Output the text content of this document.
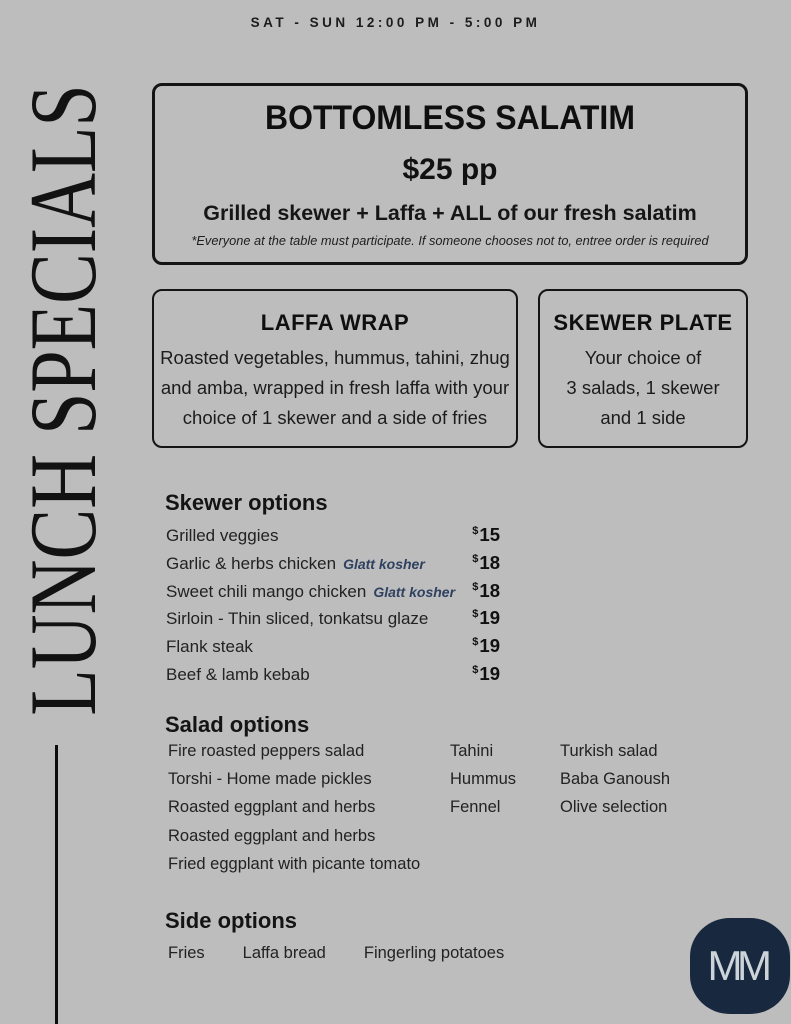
SAT - SUN 12:00 PM - 5:00 PM
LUNCH SPECIALS	BOTTOMLESS SALATIM
$25 pp
Grilled skewer + Laffa + ALL of our fresh salatim
*Everyone at the table must participate. If someone chooses not to, entree order is required
LAFFA WRAP
Roasted vegetables, hummus, tahini, zhug
and amba, wrapped in fresh laffa with your
choice of 1 skewer and a side of fries
SKEWER PLATE
Your choice of
3 salads, 1 skewer
and 1 side
Skewer options
Grilled veggies	$15
Garlic & herbs chicken Glatt kosher	$18
Sweet chili mango chicken Glatt kosher $18
Sirloin - Thin sliced, tonkatsu glaze	$19
Flank steak	$19
Beef & lamb kebab	$19
Salad options
Fire roasted peppers salad	Tahini	Turkish salad
Torshi - Home made pickles	Hummus	Baba Ganoush
Roasted eggplant and herbs	Fennel	Olive selection
Roasted eggplant and herbs
Fried eggplant with picante tomato
Side options
Fries Laffa bread Fingerling potatoes	MM
